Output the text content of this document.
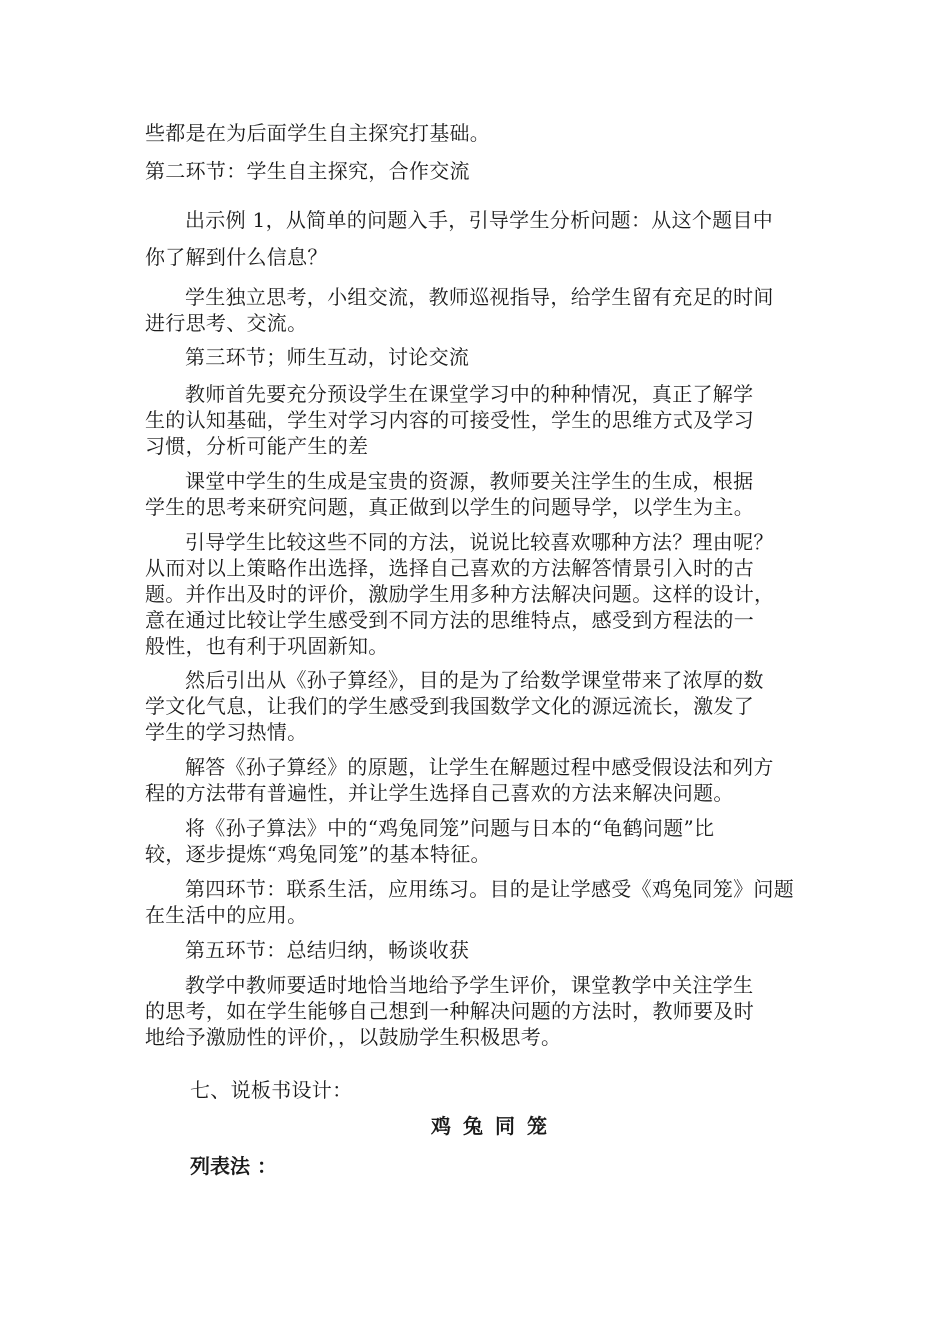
些都是在为后面学生自主探究打基础。
第二环节：学生自主探究，合作交流
出示例 1，从简单的问题入手，引导学生分析问题：从这个题目中
你了解到什么信息？
学生独立思考，小组交流，教师巡视指导，给学生留有充足的时间
进行思考、交流。
第三环节；师生互动，讨论交流
教师首先要充分预设学生在课堂学习中的种种情况，真正了解学
生的认知基础，学生对学习内容的可接受性，学生的思维方式及学习
习惯，分析可能产生的差
课堂中学生的生成是宝贵的资源，教师要关注学生的生成，根据
学生的思考来研究问题，真正做到以学生的问题导学，以学生为主。
引导学生比较这些不同的方法，说说比较喜欢哪种方法？理由呢？
从而对以上策略作出选择，选择自己喜欢的方法解答情景引入时的古
题。并作出及时的评价，激励学生用多种方法解决问题。这样的设计，
意在通过比较让学生感受到不同方法的思维特点，感受到方程法的一
般性，也有利于巩固新知。
然后引出从《孙子算经》，目的是为了给数学课堂带来了浓厚的数
学文化气息，让我们的学生感受到我国数学文化的源远流长，激发了
学生的学习热情。
解答《孙子算经》的原题，让学生在解题过程中感受假设法和列方
程的方法带有普遍性，并让学生选择自己喜欢的方法来解决问题。
将《孙子算法》中的“鸡兔同笼”问题与日本的“龟鹤问题”比
较，逐步提炼“鸡兔同笼”的基本特征。
第四环节：联系生活，应用练习。目的是让学感受《鸡兔同笼》问题
在生活中的应用。
第五环节：总结归纳，畅谈收获
教学中教师要适时地恰当地给予学生评价，课堂教学中关注学生
的思考，如在学生能够自己想到一种解决问题的方法时，教师要及时
地给予激励性的评价，，以鼓励学生积极思考。
七、说板书设计：
鸡兔同笼
列表法 ：
